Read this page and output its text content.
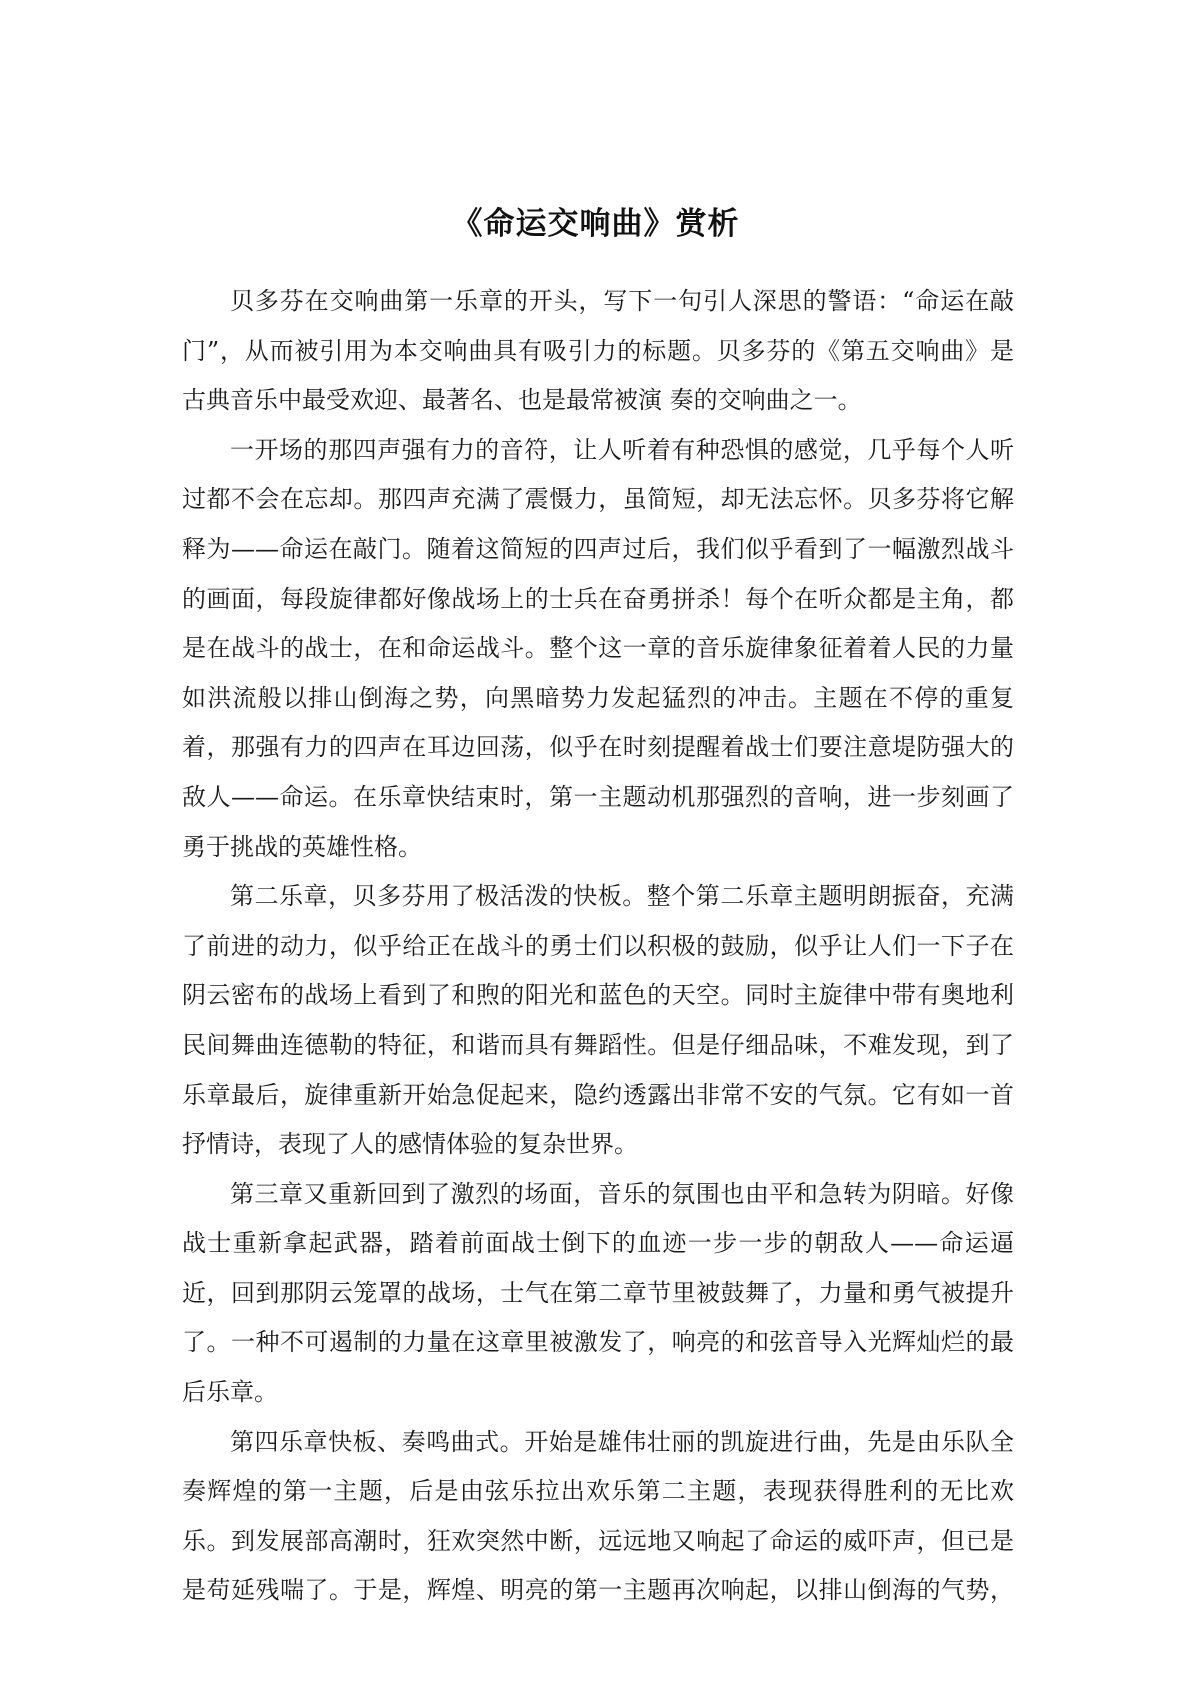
《命运交响曲》赏析
贝多芬在交响曲第一乐章的开头，写下一句引人深思的警语：“命运在敲
门”，从而被引用为本交响曲具有吸引力的标题。贝多芬的《第五交响曲》是
古典音乐中最受欢迎、最著名、也是最常被演 奏的交响曲之一。
一开场的那四声强有力的音符，让人听着有种恐惧的感觉，几乎每个人听
过都不会在忘却。那四声充满了震慑力，虽简短，却无法忘怀。贝多芬将它解
释为——命运在敲门。随着这简短的四声过后，我们似乎看到了一幅激烈战斗
的画面，每段旋律都好像战场上的士兵在奋勇拼杀！每个在听众都是主角，都
是在战斗的战士，在和命运战斗。整个这一章的音乐旋律象征着着人民的力量
如洪流般以排山倒海之势，向黑暗势力发起猛烈的冲击。主题在不停的重复
着，那强有力的四声在耳边回荡，似乎在时刻提醒着战士们要注意堤防强大的
敌人——命运。在乐章快结束时，第一主题动机那强烈的音响，进一步刻画了
勇于挑战的英雄性格。
第二乐章，贝多芬用了极活泼的快板。整个第二乐章主题明朗振奋，充满
了前进的动力，似乎给正在战斗的勇士们以积极的鼓励，似乎让人们一下子在
阴云密布的战场上看到了和煦的阳光和蓝色的天空。同时主旋律中带有奥地利
民间舞曲连德勒的特征，和谐而具有舞蹈性。但是仔细品味，不难发现，到了
乐章最后，旋律重新开始急促起来，隐约透露出非常不安的气氛。它有如一首
抒情诗，表现了人的感情体验的复杂世界。
第三章又重新回到了激烈的场面，音乐的氛围也由平和急转为阴暗。好像
战士重新拿起武器，踏着前面战士倒下的血迹一步一步的朝敌人——命运逼
近，回到那阴云笼罩的战场，士气在第二章节里被鼓舞了，力量和勇气被提升
了。一种不可遏制的力量在这章里被激发了，响亮的和弦音导入光辉灿烂的最
后乐章。
第四乐章快板、奏鸣曲式。开始是雄伟壮丽的凯旋进行曲，先是由乐队全
奏辉煌的第一主题，后是由弦乐拉出欢乐第二主题，表现获得胜利的无比欢
乐。到发展部高潮时，狂欢突然中断，远远地又响起了命运的威吓声，但已是
是苟延残喘了。于是，辉煌、明亮的第一主题再次响起，以排山倒海的气势，
